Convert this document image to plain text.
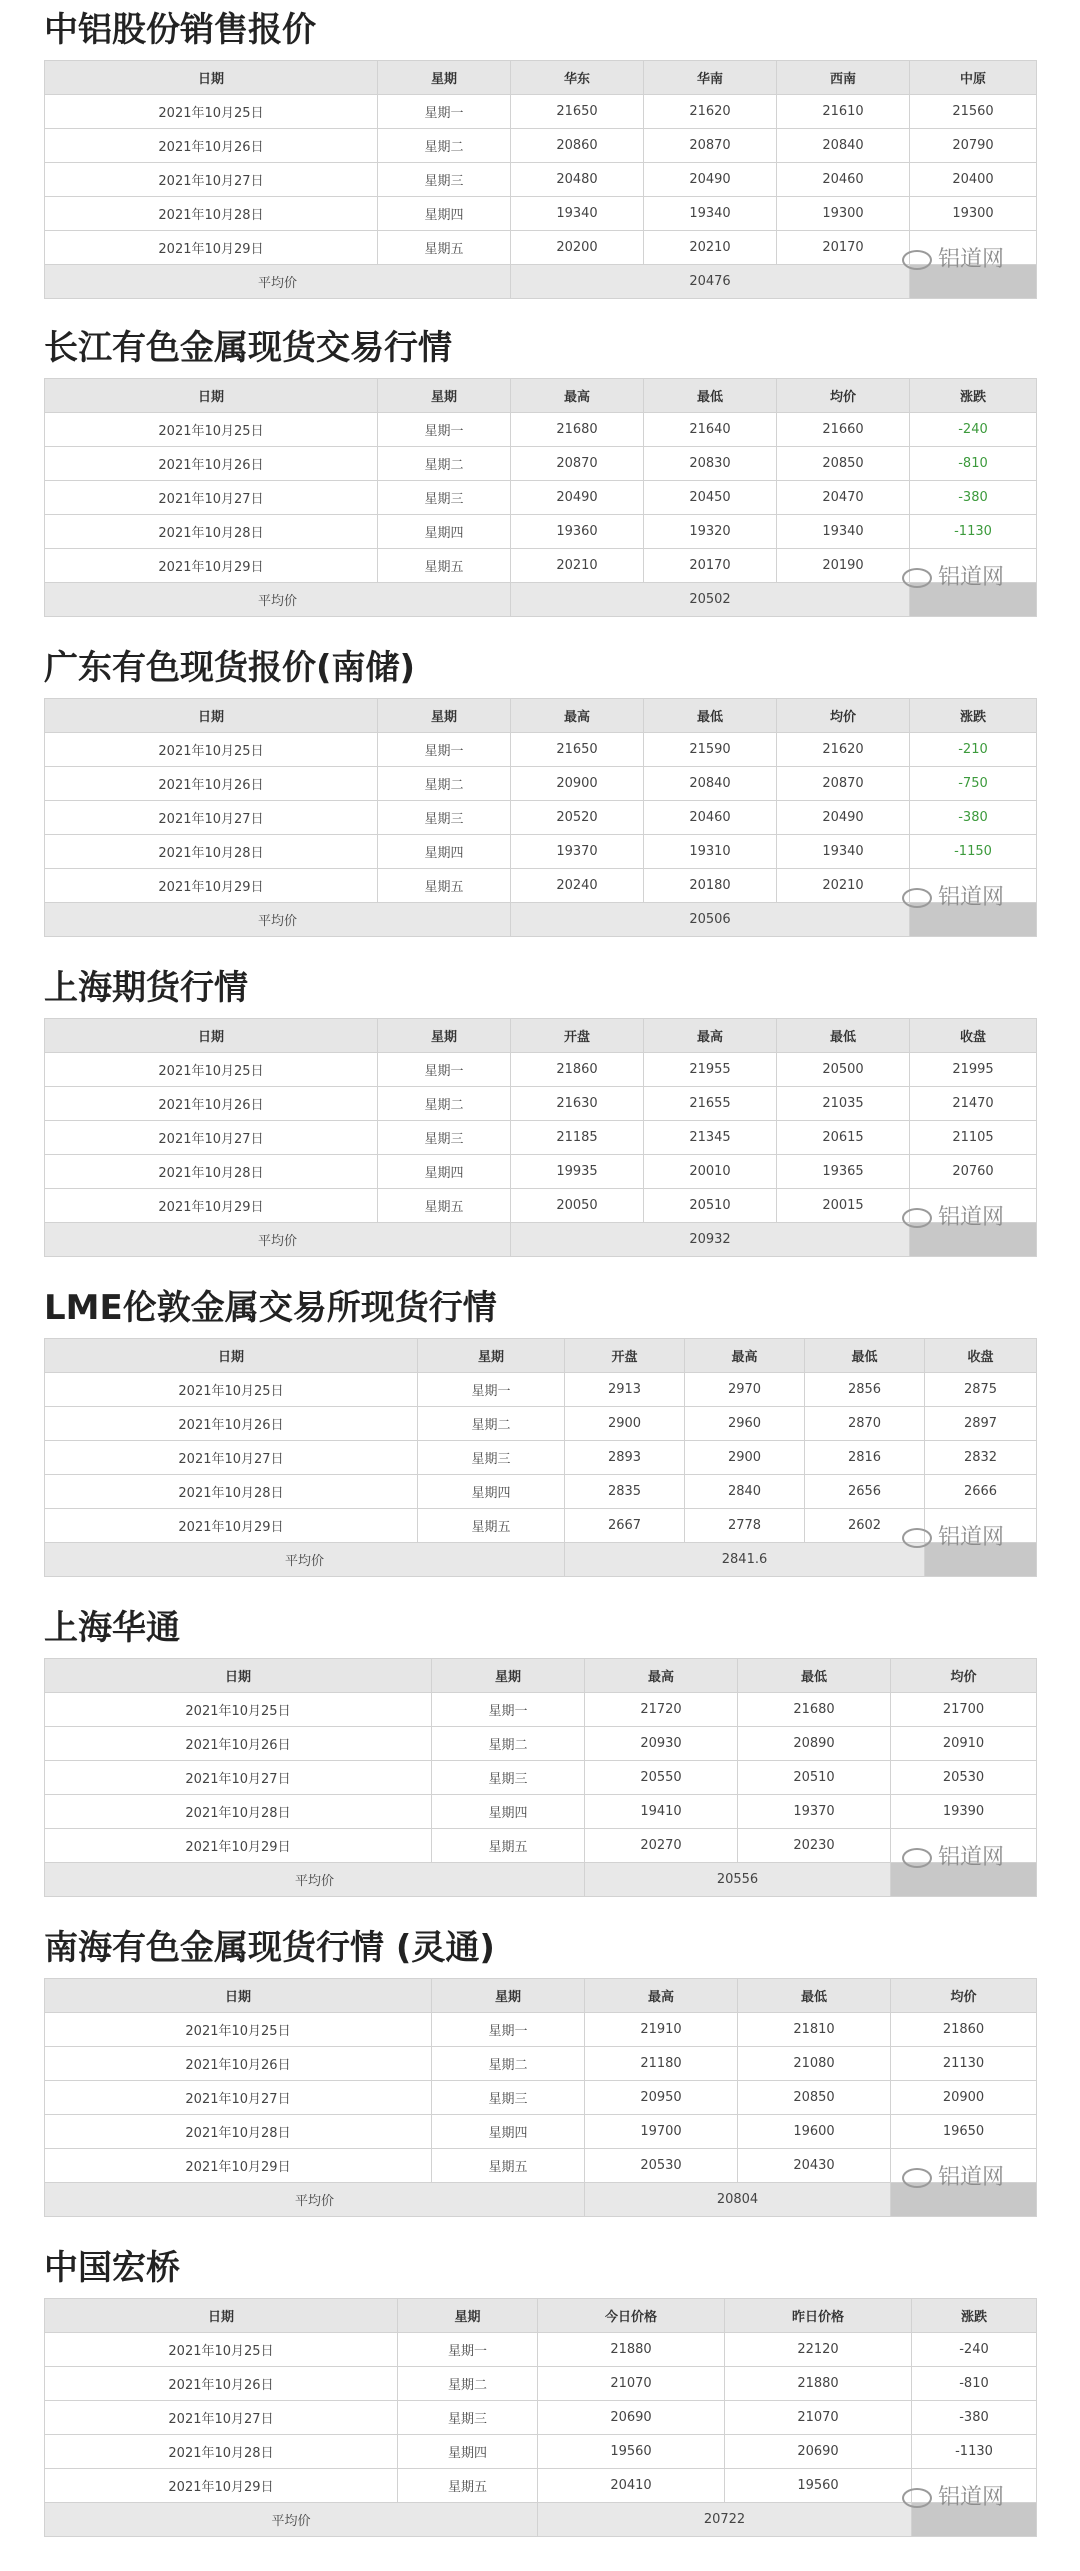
中铝股份销售报价
日期	星期	华东	华南	西南	中原
2021年10月25日	星期一	21650	21620	21610	21560
2021年10月26日	星期二	20860	20870	20840	20790
2021年10月27日	星期三	20480	20490	20460	20400
2021年10月28日	星期四	19340	19340	19300	19300
2021年10月29日	星期五	20200	20210	20170	
平均价		20476			
铝道网
长江有色金属现货交易行情
日期	星期	最高	最低	均价	涨跌
2021年10月25日	星期一	21680	21640	21660	-240
2021年10月26日	星期二	20870	20830	20850	-810
2021年10月27日	星期三	20490	20450	20470	-380
2021年10月28日	星期四	19360	19320	19340	-1130
2021年10月29日	星期五	20210	20170	20190	
平均价		20502			
铝道网
广东有色现货报价(南储)
日期	星期	最高	最低	均价	涨跌
2021年10月25日	星期一	21650	21590	21620	-210
2021年10月26日	星期二	20900	20840	20870	-750
2021年10月27日	星期三	20520	20460	20490	-380
2021年10月28日	星期四	19370	19310	19340	-1150
2021年10月29日	星期五	20240	20180	20210	
平均价		20506			
铝道网
上海期货行情
日期	星期	开盘	最高	最低	收盘
2021年10月25日	星期一	21860	21955	20500	21995
2021年10月26日	星期二	21630	21655	21035	21470
2021年10月27日	星期三	21185	21345	20615	21105
2021年10月28日	星期四	19935	20010	19365	20760
2021年10月29日	星期五	20050	20510	20015	
平均价		20932			
铝道网
LME伦敦金属交易所现货行情
日期	星期	开盘	最高	最低	收盘
2021年10月25日	星期一	2913	2970	2856	2875
2021年10月26日	星期二	2900	2960	2870	2897
2021年10月27日	星期三	2893	2900	2816	2832
2021年10月28日	星期四	2835	2840	2656	2666
2021年10月29日	星期五	2667	2778	2602	
平均价		2841.6			
铝道网
上海华通
日期	星期	最高	最低	均价
2021年10月25日	星期一	21720	21680	21700
2021年10月26日	星期二	20930	20890	20910
2021年10月27日	星期三	20550	20510	20530
2021年10月28日	星期四	19410	19370	19390
2021年10月29日	星期五	20270	20230	
平均价		20556		
铝道网
南海有色金属现货行情 (灵通)
日期	星期	最高	最低	均价
2021年10月25日	星期一	21910	21810	21860
2021年10月26日	星期二	21180	21080	21130
2021年10月27日	星期三	20950	20850	20900
2021年10月28日	星期四	19700	19600	19650
2021年10月29日	星期五	20530	20430	
平均价		20804		
铝道网
中国宏桥
日期	星期	今日价格	昨日价格	涨跌
2021年10月25日	星期一	21880	22120	-240
2021年10月26日	星期二	21070	21880	-810
2021年10月27日	星期三	20690	21070	-380
2021年10月28日	星期四	19560	20690	-1130
2021年10月29日	星期五	20410	19560	
平均价		20722		
铝道网
